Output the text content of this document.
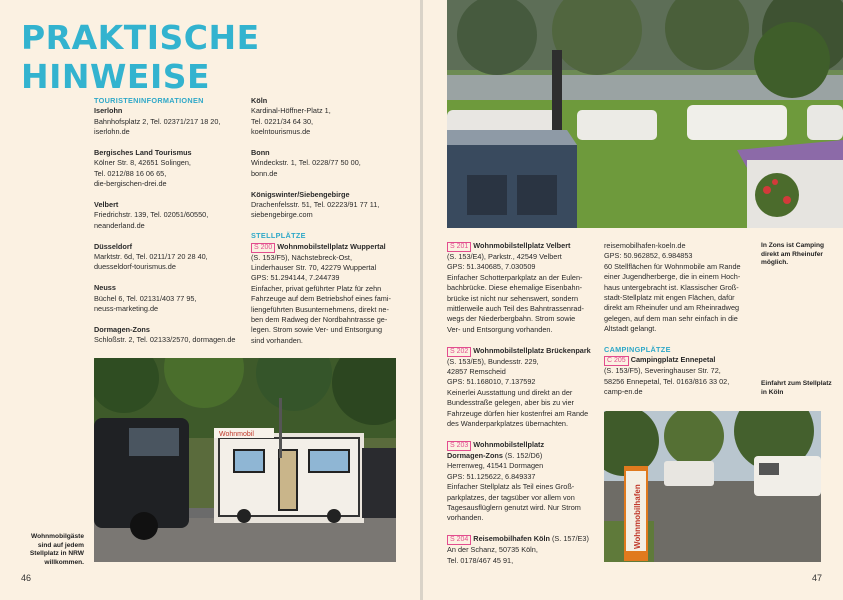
PRAKTISCHE HINWEISE
TOURISTENINFORMATIONEN

Iserlohn
Bahnhofsplatz 2, Tel. 02371/217 18 20,
iserlohn.de

Bergisches Land Tourismus
Kölner Str. 8, 42651 Solingen,
Tel. 0212/88 16 06 65,
die-bergischen-drei.de

Velbert
Friedrichstr. 139, Tel. 02051/60550,
neanderland.de

Düsseldorf
Marktstr. 6d, Tel. 0211/17 20 28 40,
duesseldorf-tourismus.de

Neuss
Büchel 6, Tel. 02131/403 77 95,
neuss-marketing.de

Dormagen-Zons
Schloßstr. 2, Tel. 02133/2570, dormagen.de

Köln
Kardinal-Höffner-Platz 1,
Tel. 0221/34 64 30,
koelntourismus.de

Bonn
Windeckstr. 1, Tel. 0228/77 50 00,
bonn.de

Königswinter/Siebengebirge
Drachenfelsstr. 51, Tel. 02223/91 77 11,
siebengebirge.com

STELLPLÄTZE
S 200 Wohnmobilstellplatz Wuppertal
(S. 153/F5), Nächstebreck-Ost,
Linderhauser Str. 70, 42279 Wuppertal
GPS: 51.294144, 7.244739
Einfacher, privat geführter Platz für zehn
Fahrzeuge auf dem Betriebshof eines fami-
liengeführten Busunternehmens, direkt ne-
ben dem Radweg der Nordbahntrasse ge-
legen. Strom sowie Ver- und Entsorgung
sind vorhanden.
Wohnmobil
Wohnmobilgäste sind auf jedem Stellplatz in NRW willkommen.
46

S 201 Wohnmobilstellplatz Velbert
(S. 153/E4), Parkstr., 42549 Velbert
GPS: 51.340685, 7.030509
Einfacher Schotterparkplatz an der Eulen-
bachbrücke. Diese ehemalige Eisenbahn-
brücke ist nicht nur sehenswert, sondern
mittlerweile auch Teil des Bahntrassenrad-
wegs der Niederbergbahn. Strom sowie
Ver- und Entsorgung vorhanden.

S 202 Wohnmobilstellplatz Brückenpark
(S. 153/E5), Bundesstr. 229,
42857 Remscheid
GPS: 51.168010, 7.137592
Keinerlei Ausstattung und direkt an der
Bundesstraße gelegen, aber bis zu vier
Fahrzeuge dürfen hier kostenfrei am Rande
des Wanderparkplatzes übernachten.

S 203 Wohnmobilstellplatz
Dormagen-Zons (S. 152/D6)
Herrenweg, 41541 Dormagen
GPS: 51.125622, 6.849337
Einfacher Stellplatz als Teil eines Groß-
parkplatzes, der tagsüber vor allem von
Tagesausflüglern genutzt wird. Nur Strom
vorhanden.

S 204 Reisemobilhafen Köln (S. 157/E3)
An der Schanz, 50735 Köln,
Tel. 0178/467 45 91,

reisemobilhafen-koeln.de
GPS: 50.962852, 6.984853
60 Stellflächen für Wohnmobile am Rande
einer Jugendherberge, die in einem Hoch-
haus untergebracht ist. Klassischer Groß-
stadt-Stellplatz mit engen Flächen, dafür
direkt am Rheinufer und am Rheinradweg
gelegen, auf dem man sehr einfach in die
Altstadt gelangt.

CAMPINGPLÄTZE
C 205 Campingplatz Ennepetal
(S. 153/F5), Severinghauser Str. 72,
58256 Ennepetal, Tel. 0163/816 33 02,
camp-en.de
In Zons ist Camping direkt am Rheinufer möglich.
Einfahrt zum Stellplatz in Köln
Wohnmobilhafen
47
